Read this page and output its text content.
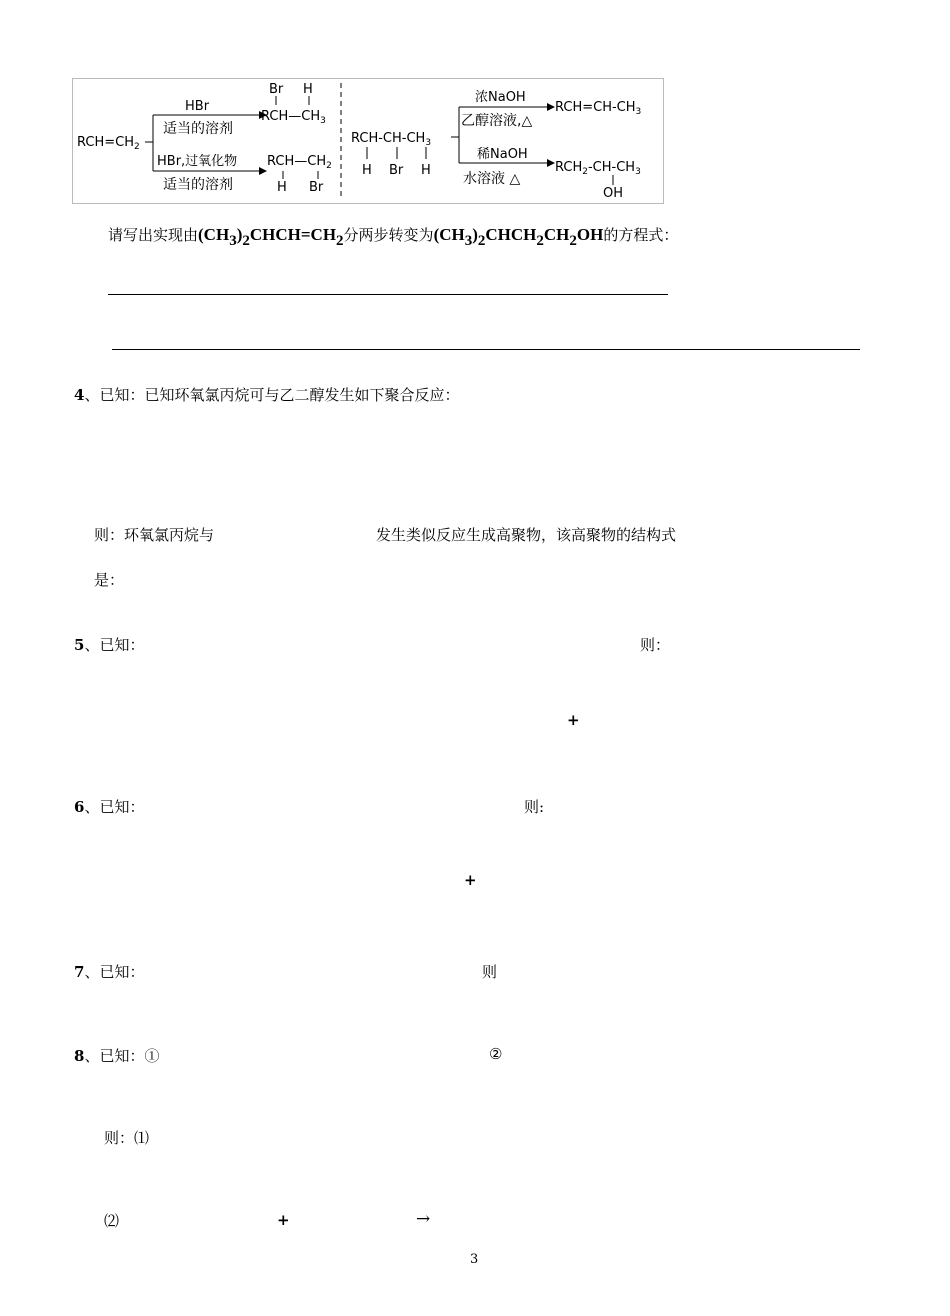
$RCH=CH_2$
HBr
适当的溶剂
Br H
$RCH—CH_3$
HBr,过氧化物
适当的溶剂
$RCH—CH_2$
H Br
RCH-$CH-CH_3$
H Br H
浓NaOH
乙醇溶液,△
$RCH=CH-CH_3$
稀NaOH
水溶液 △
$RCH_2-CH-CH_3$
OH
请写出实现由$(CH_3)_2CHCH=CH_2$分两步转变为$(CH_3)_2CHCH_2CH_2OH$的方程式：
4、已知：已知环氧氯丙烷可与乙二醇发生如下聚合反应：
则：环氧氯丙烷与	发生类似反应生成高聚物，该高聚物的结构式
是：
5、已知：	则：
+
6、已知：	则:
+
7、已知：	则
8、已知：①	②
则：⑴
⑵	+	→
3
